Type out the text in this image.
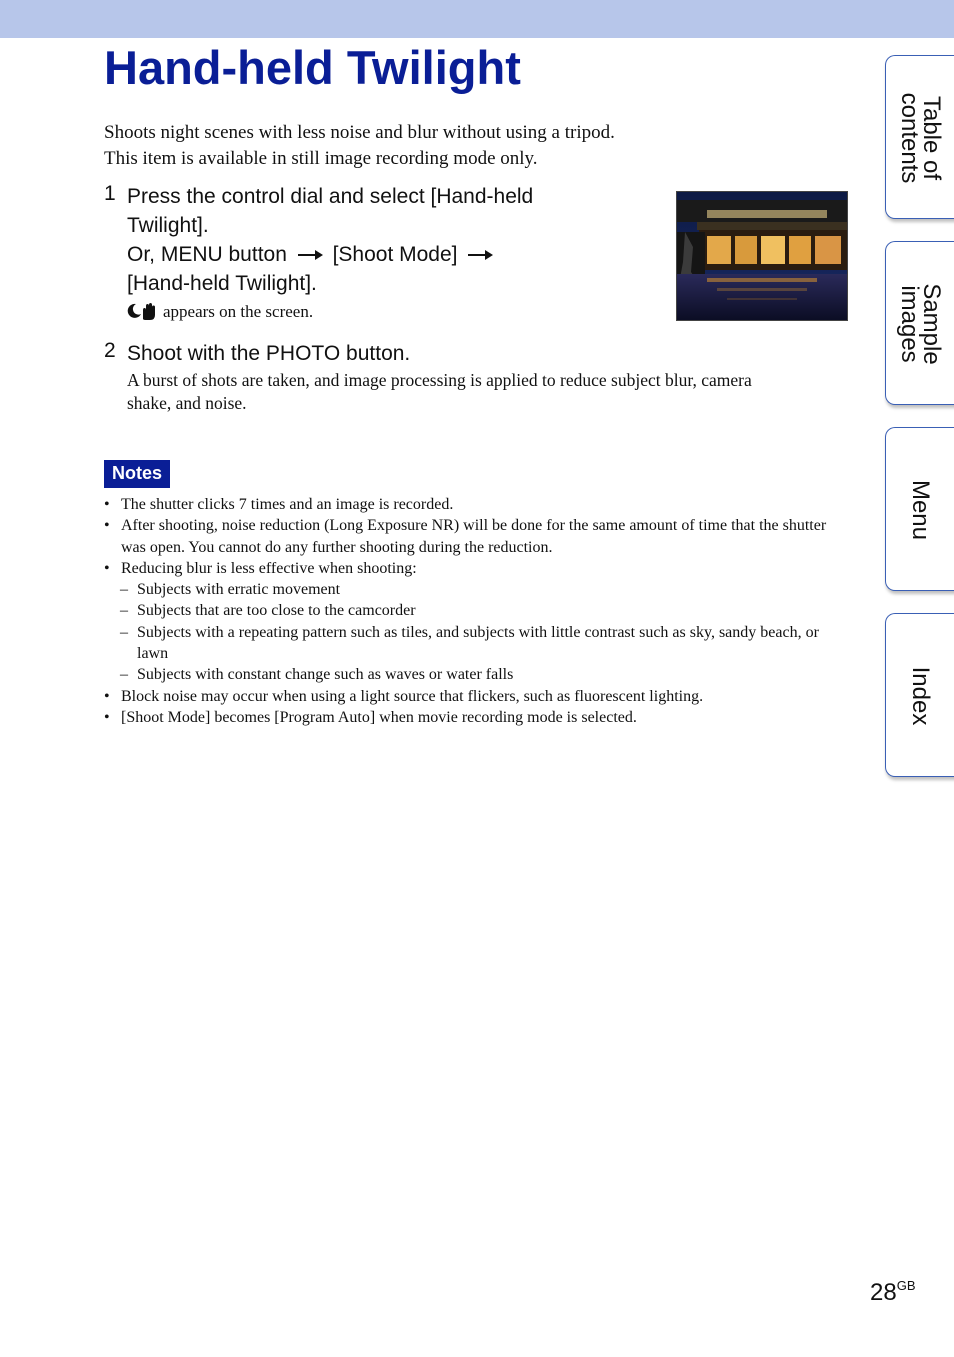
Hand-held Twilight
Shoots night scenes with less noise and blur without using a tripod.
This item is available in still image recording mode only.
1 Press the control dial and select [Hand-held
Twilight].
Or, MENU button [Shoot Mode]
[Hand-held Twilight].
appears on the screen.
2 Shoot with the PHOTO button.
A burst of shots are taken, and image processing is applied to reduce subject blur, camera
shake, and noise.
Notes
• The shutter clicks 7 times and an image is recorded.
• After shooting, noise reduction (Long Exposure NR) will be done for the same amount of time that the shutter was open. You cannot do any further shooting during the reduction.
• Reducing blur is less effective when shooting:
– Subjects with erratic movement
– Subjects that are too close to the camcorder
– Subjects with a repeating pattern such as tiles, and subjects with little contrast such as sky, sandy beach, or lawn
– Subjects with constant change such as waves or water falls
• Block noise may occur when using a light source that flickers, such as fluorescent lighting.
• [Shoot Mode] becomes [Program Auto] when movie recording mode is selected.
Table of contents
Sample images
Menu
Index
$28^{GB}$
